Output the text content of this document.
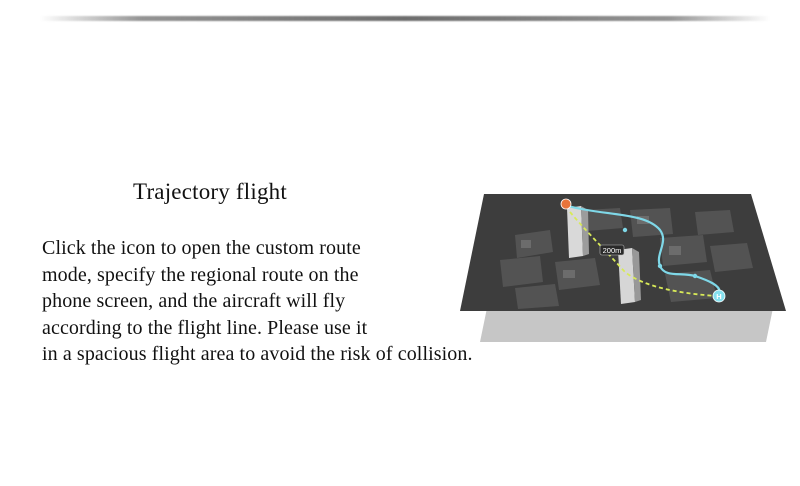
Trajectory flight
Click the icon to open the custom route
mode, specify the regional route on the
phone screen, and the aircraft will fly
according to the flight line. Please use it
in a spacious flight area to avoid the risk of collision.
200m
H
